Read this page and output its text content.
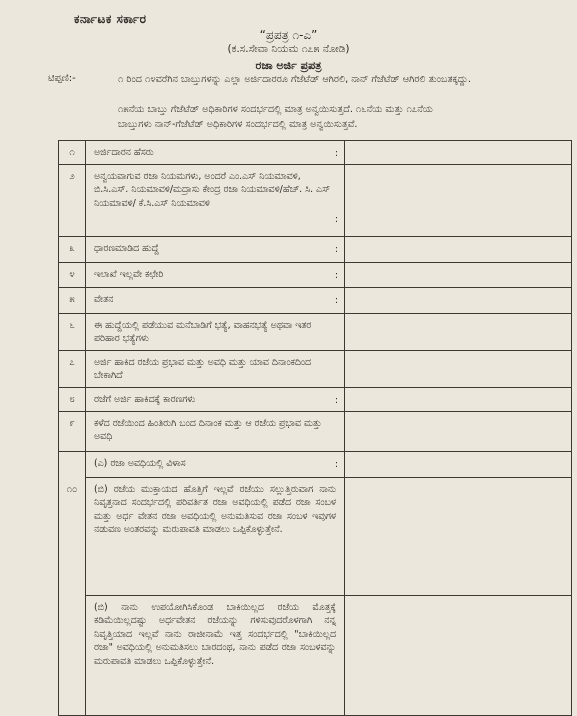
ಕರ್ನಾಟಕ ಸರ್ಕಾರ
“ಪ್ರಪತ್ರ ೧-ಎ”
(ಕ.ಸ.ಸೇವಾ ನಿಯಮ ೧೭೫ ನೋಡಿ)
ರಜಾ ಅರ್ಜಿ ಪ್ರಪತ್ರ
ಟಿಪ್ಪಣಿ:-	೧ ರಿಂದ ೧೪ವರೆಗಿನ ಬಾಬ್ತುಗಳನ್ನು ಎಲ್ಲಾ ಅರ್ಜಿದಾರರೂ ಗೆಜೆಟೆಡ್ ಆಗಿರಲಿ, ನಾನ್ ಗೆಜೆಟೆಡ್ ಆಗಿರಲಿ ತುಂಬತಕ್ಕದ್ದು.
೧೫ನೆಯ ಬಾಬ್ತು ಗೆಜೆಟೆಡ್ ಅಧಿಕಾರಿಗಳ ಸಂದರ್ಭದಲ್ಲಿ ಮಾತ್ರ ಅನ್ವಯಿಸುತ್ತದೆ. ೧೬ನೆಯ ಮತ್ತು ೧೭ನೆಯ
ಬಾಬ್ತುಗಳು ನಾನ್-ಗೆಜೆಟೆಡ್ ಅಧಿಕಾರಿಗಳ ಸಂದರ್ಭದಲ್ಲಿ ಮಾತ್ರ ಅನ್ವಯಿಸುತ್ತವೆ.
೧	ಅರ್ಜಿದಾರನ ಹೆಸರು :	

೨	ಅನ್ವಯವಾಗುವ ರಜಾ ನಿಯಮಗಳು, ಅಂದರೆ ಎಂ.ಎಸ್ ನಿಯಮಾವಳಿ, ಬಿ.ಸಿ.ಎಸ್. ನಿಯಮಾವಳಿ/ಮದ್ರಾಸು ಕೇಂದ್ರ ರಜಾ ನಿಯಮಾವಳಿ/ಹೆಚ್. ಸಿ. ಎಸ್ ನಿಯಮಾವಳಿ/ ಕೆ.ಸಿ.ಎಸ್ ನಿಯಮಾವಳಿ
:	

೩	ಧಾರಣಮಾಡಿದ ಹುದ್ದೆ :	

೪	ಇಲಾಖೆ ಇಲ್ಲವೇ ಕಛೇರಿ :	

೫	ವೇತನ :	

೬	ಈ ಹುದ್ದೆಯಲ್ಲಿ ಪಡೆಯುವ ಮನೆಬಾಡಿಗೆ ಭತ್ಯೆ, ವಾಹನಭತ್ಯೆ ಅಥವಾ ಇತರ ಪರಿಹಾರ ಭತ್ಯೆಗಳು	
೭	ಅರ್ಜಿ ಹಾಕಿದ ರಜೆಯ ಪ್ರಭಾವ ಮತ್ತು ಅವಧಿ ಮತ್ತು ಯಾವ ದಿನಾಂಕದಿಂದ ಬೇಕಾಗಿದೆ	
೮	ರಜೆಗೆ ಅರ್ಜಿ ಹಾಕಿದಕ್ಕೆ ಕಾರಣಗಳು :	

೯	ಕಳೆದ ರಜೆಯಿಂದ ಹಿಂತಿರುಗಿ ಬಂದ ದಿನಾಂಕ ಮತ್ತು ಆ ರಜೆಯ ಪ್ರಭಾವ ಮತ್ತು ಅವಧಿ	
೧೦	(ಎ) ರಜಾ ಅವಧಿಯಲ್ಲಿ ವಿಳಾಸ :	

	(ಬಿ) ರಜೆಯ ಮುಕ್ತಾಯದ ಹೊತ್ತಿಗೆ ಇಲ್ಲವೆ ರಜೆಯು ಸಲ್ಲುತ್ತಿರುವಾಗ ನಾನು ನಿವೃತ್ತನಾದ ಸಂದರ್ಭದಲ್ಲಿ ಪರಿವರ್ತಿತ ರಜಾ ಅವಧಿಯಲ್ಲಿ ಪಡೆದ ರಜಾ ಸಂಬಳ ಮತ್ತು ಅರ್ಧ ವೇತನ ರಜಾ ಅವಧಿಯಲ್ಲಿ ಅನುಮತಿಸುವ ರಜಾ ಸಂಬಳ ಇವುಗಳ ನಡುವಣ ಅಂತರವನ್ನು ಮರುಪಾವತಿ ಮಾಡಲು ಒಪ್ಪಿಕೊಳ್ಳುತ್ತೇನೆ.	
	(ಬಿ) ನಾನು ಉಪಯೋಗಿಸಿಕೊಂಡ ಬಾಕಿಯಿಲ್ಲದ ರಜೆಯ ಮೊತ್ತಕ್ಕೆ ಕಡಿಮೆಯಿಲ್ಲದಷ್ಟು ಅರ್ಧವೇತನ ರಜೆಯನ್ನು ಗಳಿಸುವುದರೊಳಗಾಗಿ ನನ್ನ ನಿವೃತ್ತಿಯಾದ ಇಲ್ಲವೆ ನಾನು ರಾಜೀನಾಮೆ ಇತ್ತ ಸಂದರ್ಭದಲ್ಲಿ "ಬಾಕಿಯಿಲ್ಲದ ರಜಾ" ಅವಧಿಯಲ್ಲಿ ಅನುಮತಿಸಲು ಬಾರದಂಥ, ನಾನು ಪಡೆದ ರಜಾ ಸಂಬಳವನ್ನು ಮರುಪಾವತಿ ಮಾಡಲು ಒಪ್ಪಿಕೊಳ್ಳುತ್ತೇನೆ.	
